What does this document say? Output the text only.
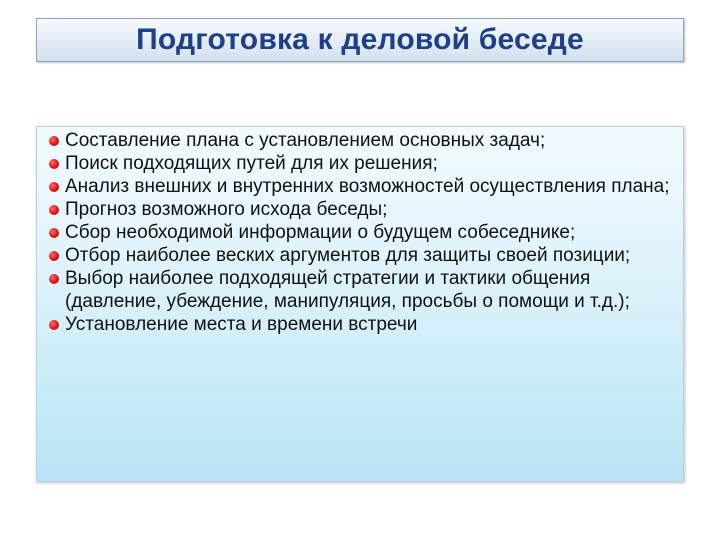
Подготовка к деловой беседе
Составление плана с установлением основных задач;
Поиск подходящих путей для их решения;
Анализ внешних и внутренних возможностей осуществления плана;
Прогноз возможного исхода беседы;
Сбор необходимой информации о будущем собеседнике;
Отбор наиболее веских аргументов для защиты своей позиции;
Выбор наиболее подходящей стратегии и тактики общения (давление, убеждение, манипуляция, просьбы о помощи и т.д.);
Установление места и времени встречи
